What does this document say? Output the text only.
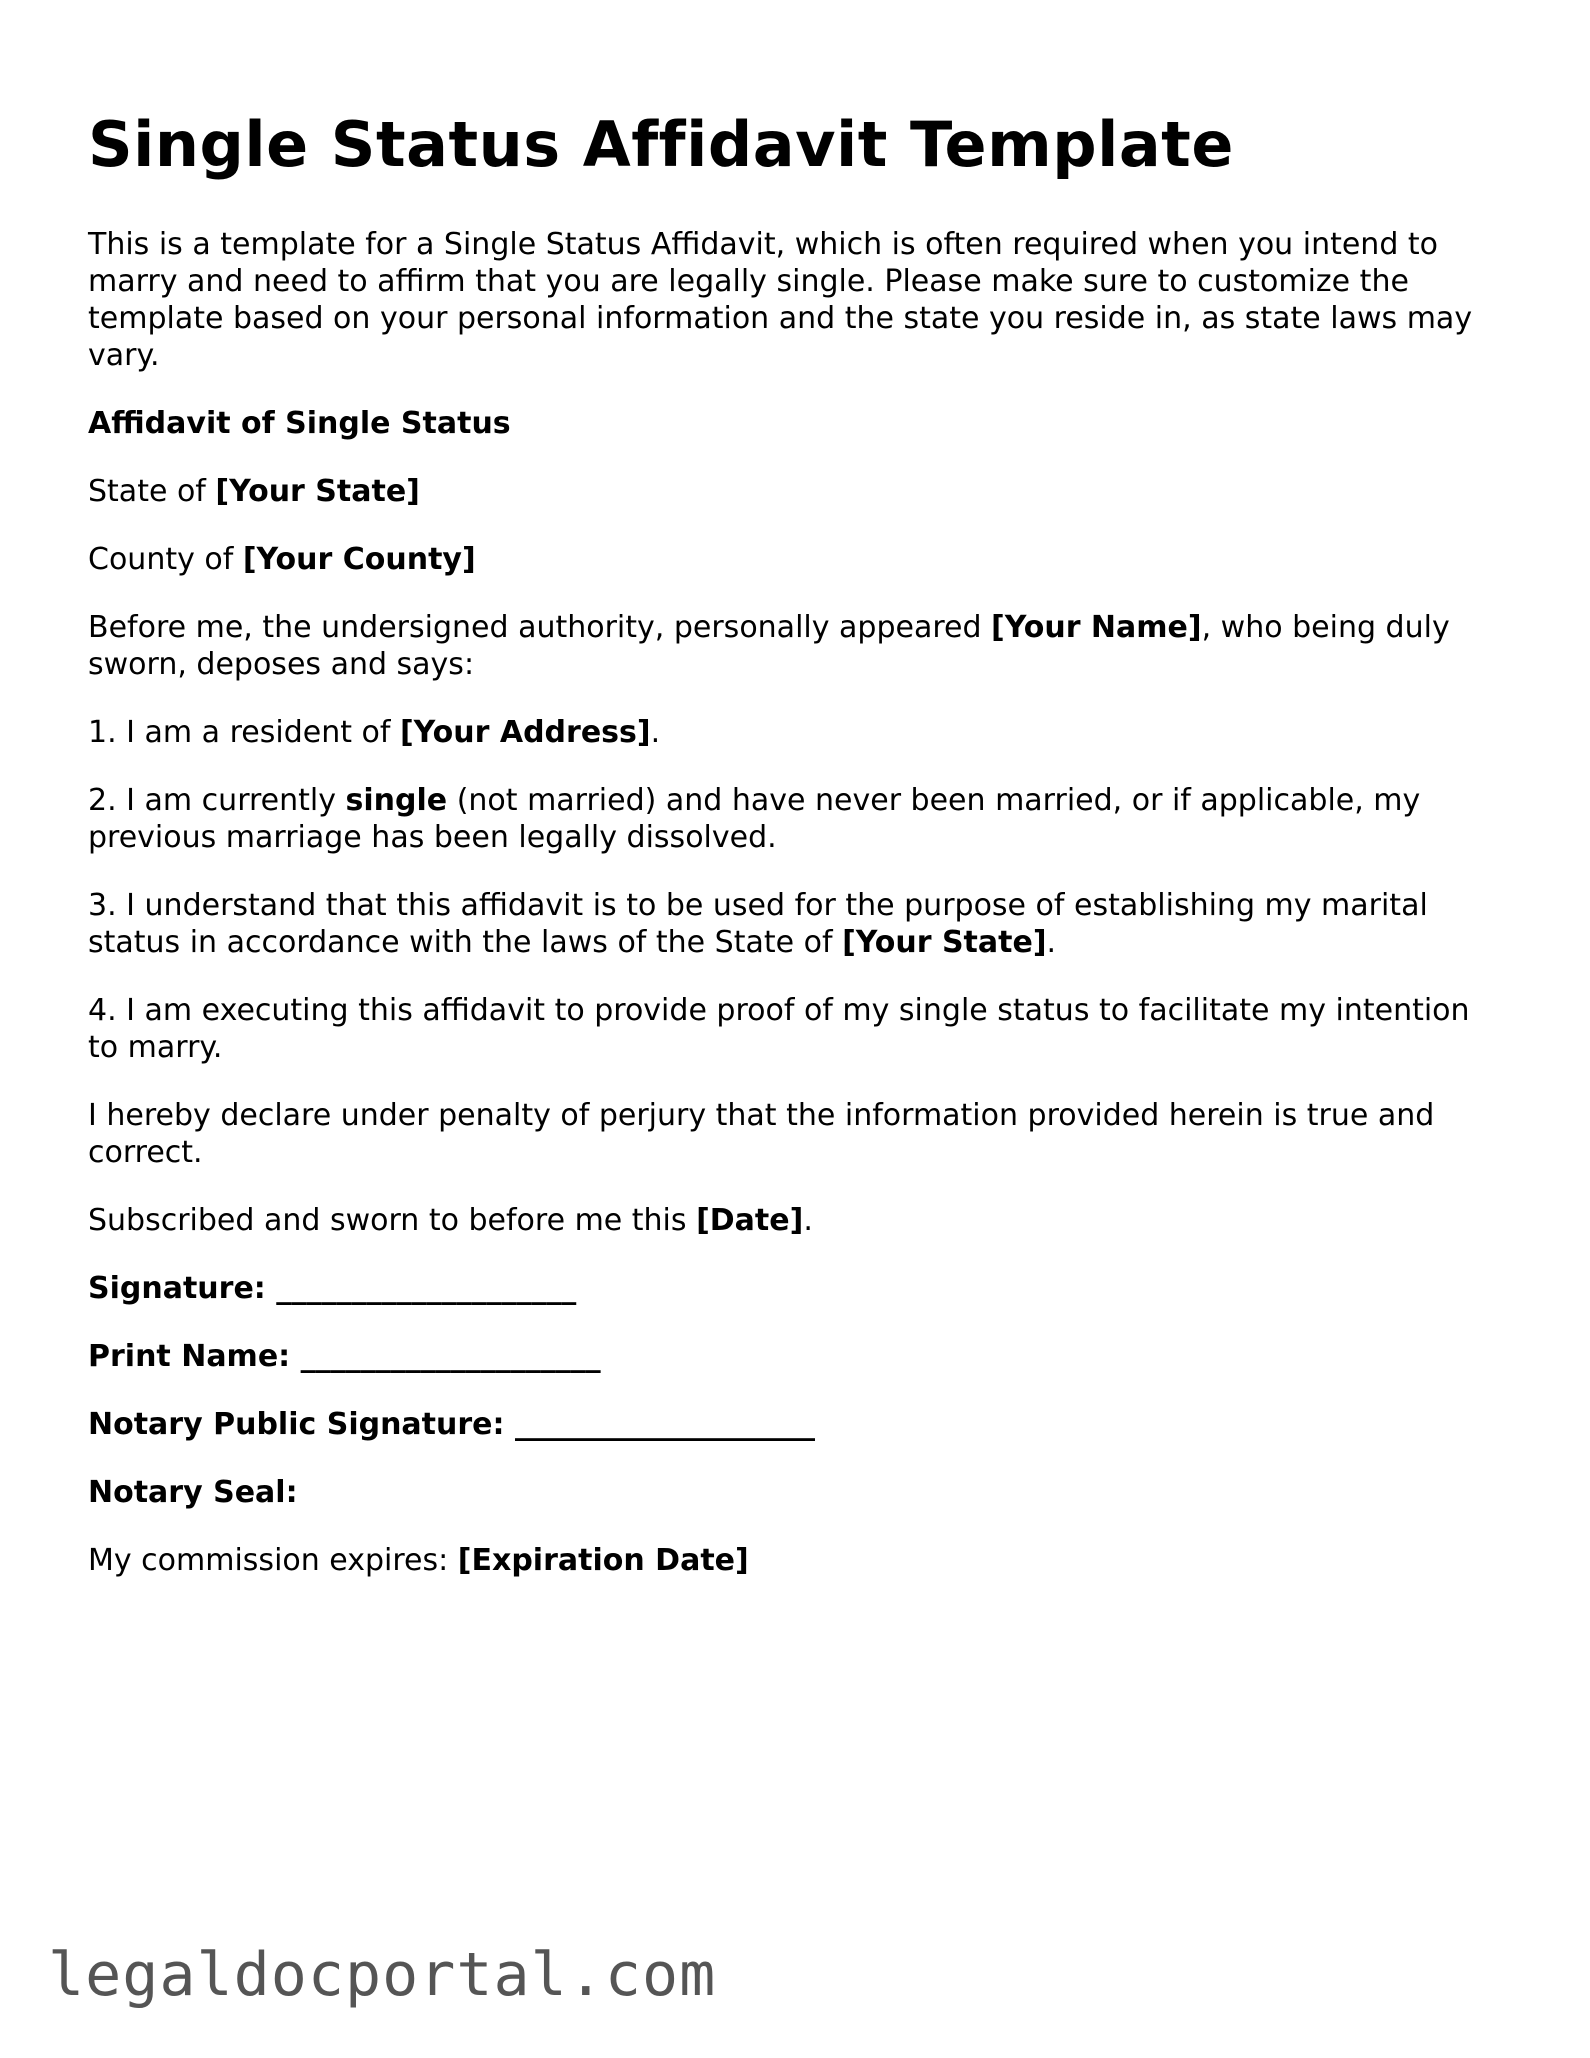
Single Status Affidavit Template

This is a template for a Single Status Affidavit, which is often required when you intend to marry and need to affirm that you are legally single. Please make sure to customize the template based on your personal information and the state you reside in, as state laws may vary.

Affidavit of Single Status

State of [Your State]

County of [Your County]

Before me, the undersigned authority, personally appeared [Your Name], who being duly sworn, deposes and says:

1. I am a resident of [Your Address].

2. I am currently single (not married) and have never been married, or if applicable, my previous marriage has been legally dissolved.

3. I understand that this affidavit is to be used for the purpose of establishing my marital status in accordance with the laws of the State of [Your State].

4. I am executing this affidavit to provide proof of my single status to facilitate my intention to marry.

I hereby declare under penalty of perjury that the information provided herein is true and correct.

Subscribed and sworn to before me this [Date].

Signature: ____________________

Print Name: ____________________

Notary Public Signature: ____________________

Notary Seal:

My commission expires: [Expiration Date]

legaldocportal.com
